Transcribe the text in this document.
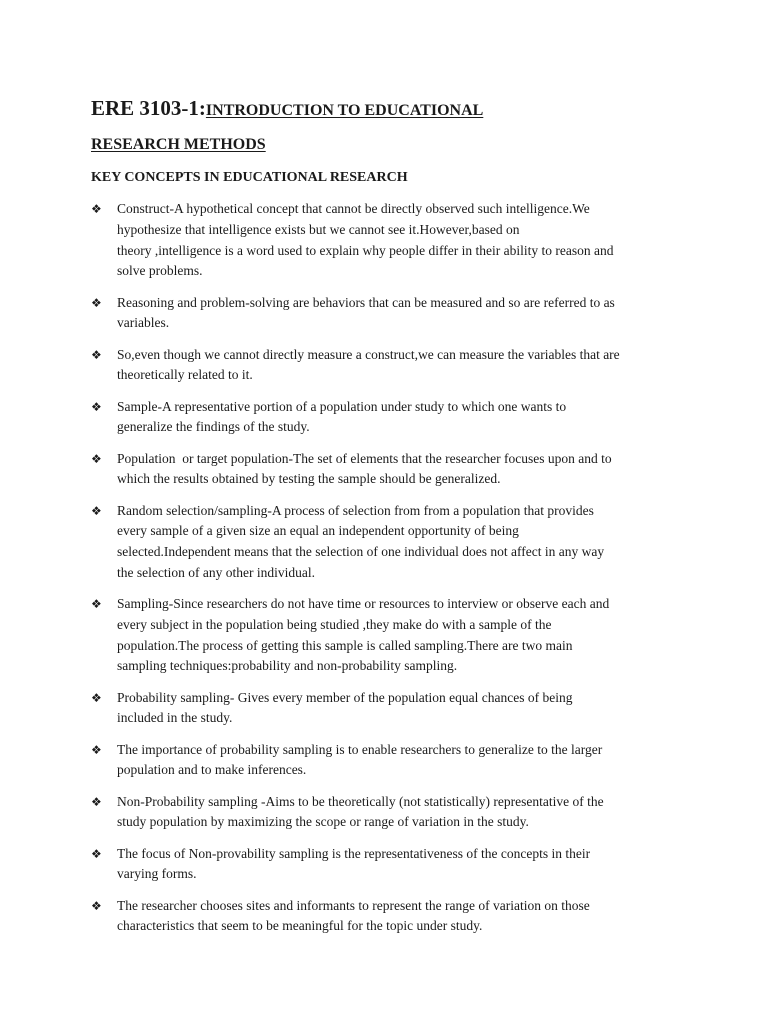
ERE 3103-1:INTRODUCTION TO EDUCATIONAL
RESEARCH METHODS
KEY CONCEPTS IN EDUCATIONAL RESEARCH
❖ Construct-A hypothetical concept that cannot be directly observed such intelligence.We
hypothesize that intelligence exists but we cannot see it.However,based on
theory ,intelligence is a word used to explain why people differ in their ability to reason and
solve problems.
❖ Reasoning and problem-solving are behaviors that can be measured and so are referred to as
variables.
❖ So,even though we cannot directly measure a construct,we can measure the variables that are
theoretically related to it.
❖ Sample-A representative portion of a population under study to which one wants to
generalize the findings of the study.
❖ Population  or target population-The set of elements that the researcher focuses upon and to
which the results obtained by testing the sample should be generalized.
❖ Random selection/sampling-A process of selection from from a population that provides
every sample of a given size an equal an independent opportunity of being
selected.Independent means that the selection of one individual does not affect in any way
the selection of any other individual.
❖ Sampling-Since researchers do not have time or resources to interview or observe each and
every subject in the population being studied ,they make do with a sample of the
population.The process of getting this sample is called sampling.There are two main
sampling techniques:probability and non-probability sampling.
❖ Probability sampling- Gives every member of the population equal chances of being
included in the study.
❖ The importance of probability sampling is to enable researchers to generalize to the larger
population and to make inferences.
❖ Non-Probability sampling -Aims to be theoretically (not statistically) representative of the
study population by maximizing the scope or range of variation in the study.
❖ The focus of Non-provability sampling is the representativeness of the concepts in their
varying forms.
❖ The researcher chooses sites and informants to represent the range of variation on those
characteristics that seem to be meaningful for the topic under study.
